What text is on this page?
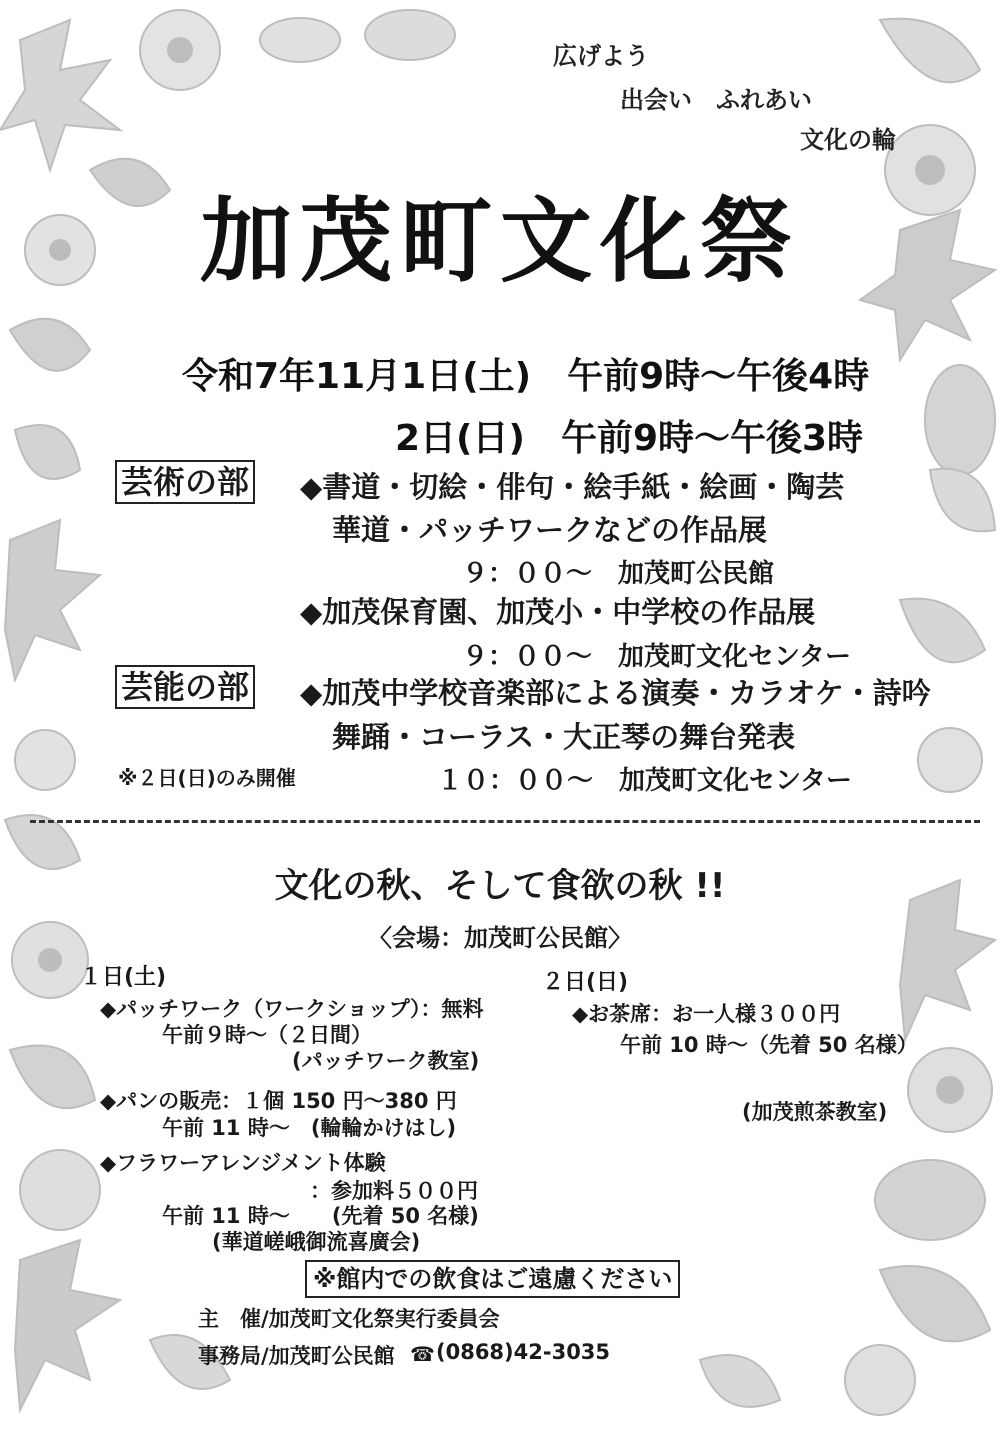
広げよう
出会い　ふれあい
文化の輪
加茂町文化祭
令和7年11月1日(土)　午前9時～午後4時
2日(日)　午前9時～午後3時
芸術の部 ◆書道・切絵・俳句・絵手紙・絵画・陶芸
華道・パッチワークなどの作品展
９：００～　加茂町公民館
◆加茂保育園、加茂小・中学校の作品展
９：００～　加茂町文化センター
芸能の部 ◆加茂中学校音楽部による演奏・カラオケ・詩吟
舞踊・コーラス・大正琴の舞台発表
※２日(日)のみ開催	１０：００～　加茂町文化センター
文化の秋、そして食欲の秋 !!
〈会場：加茂町公民館〉
１日(土)
◆パッチワーク（ワークショップ）：無料
午前９時～（２日間）
(パッチワーク教室)
◆パンの販売：１個 150 円～380 円
午前 11 時～　(輪輪かけはし)
◆フラワーアレンジメント体験
：参加料５００円
午前 11 時～　　(先着 50 名様)
(華道嵯峨御流喜廣会)
２日(日)
◆お茶席：お一人様３００円
午前 10 時～（先着 50 名様）
(加茂煎茶教室)
※館内での飲食はご遠慮ください
主　催/加茂町文化祭実行委員会
事務局/加茂町公民館 ☎ (0868)42-3035
